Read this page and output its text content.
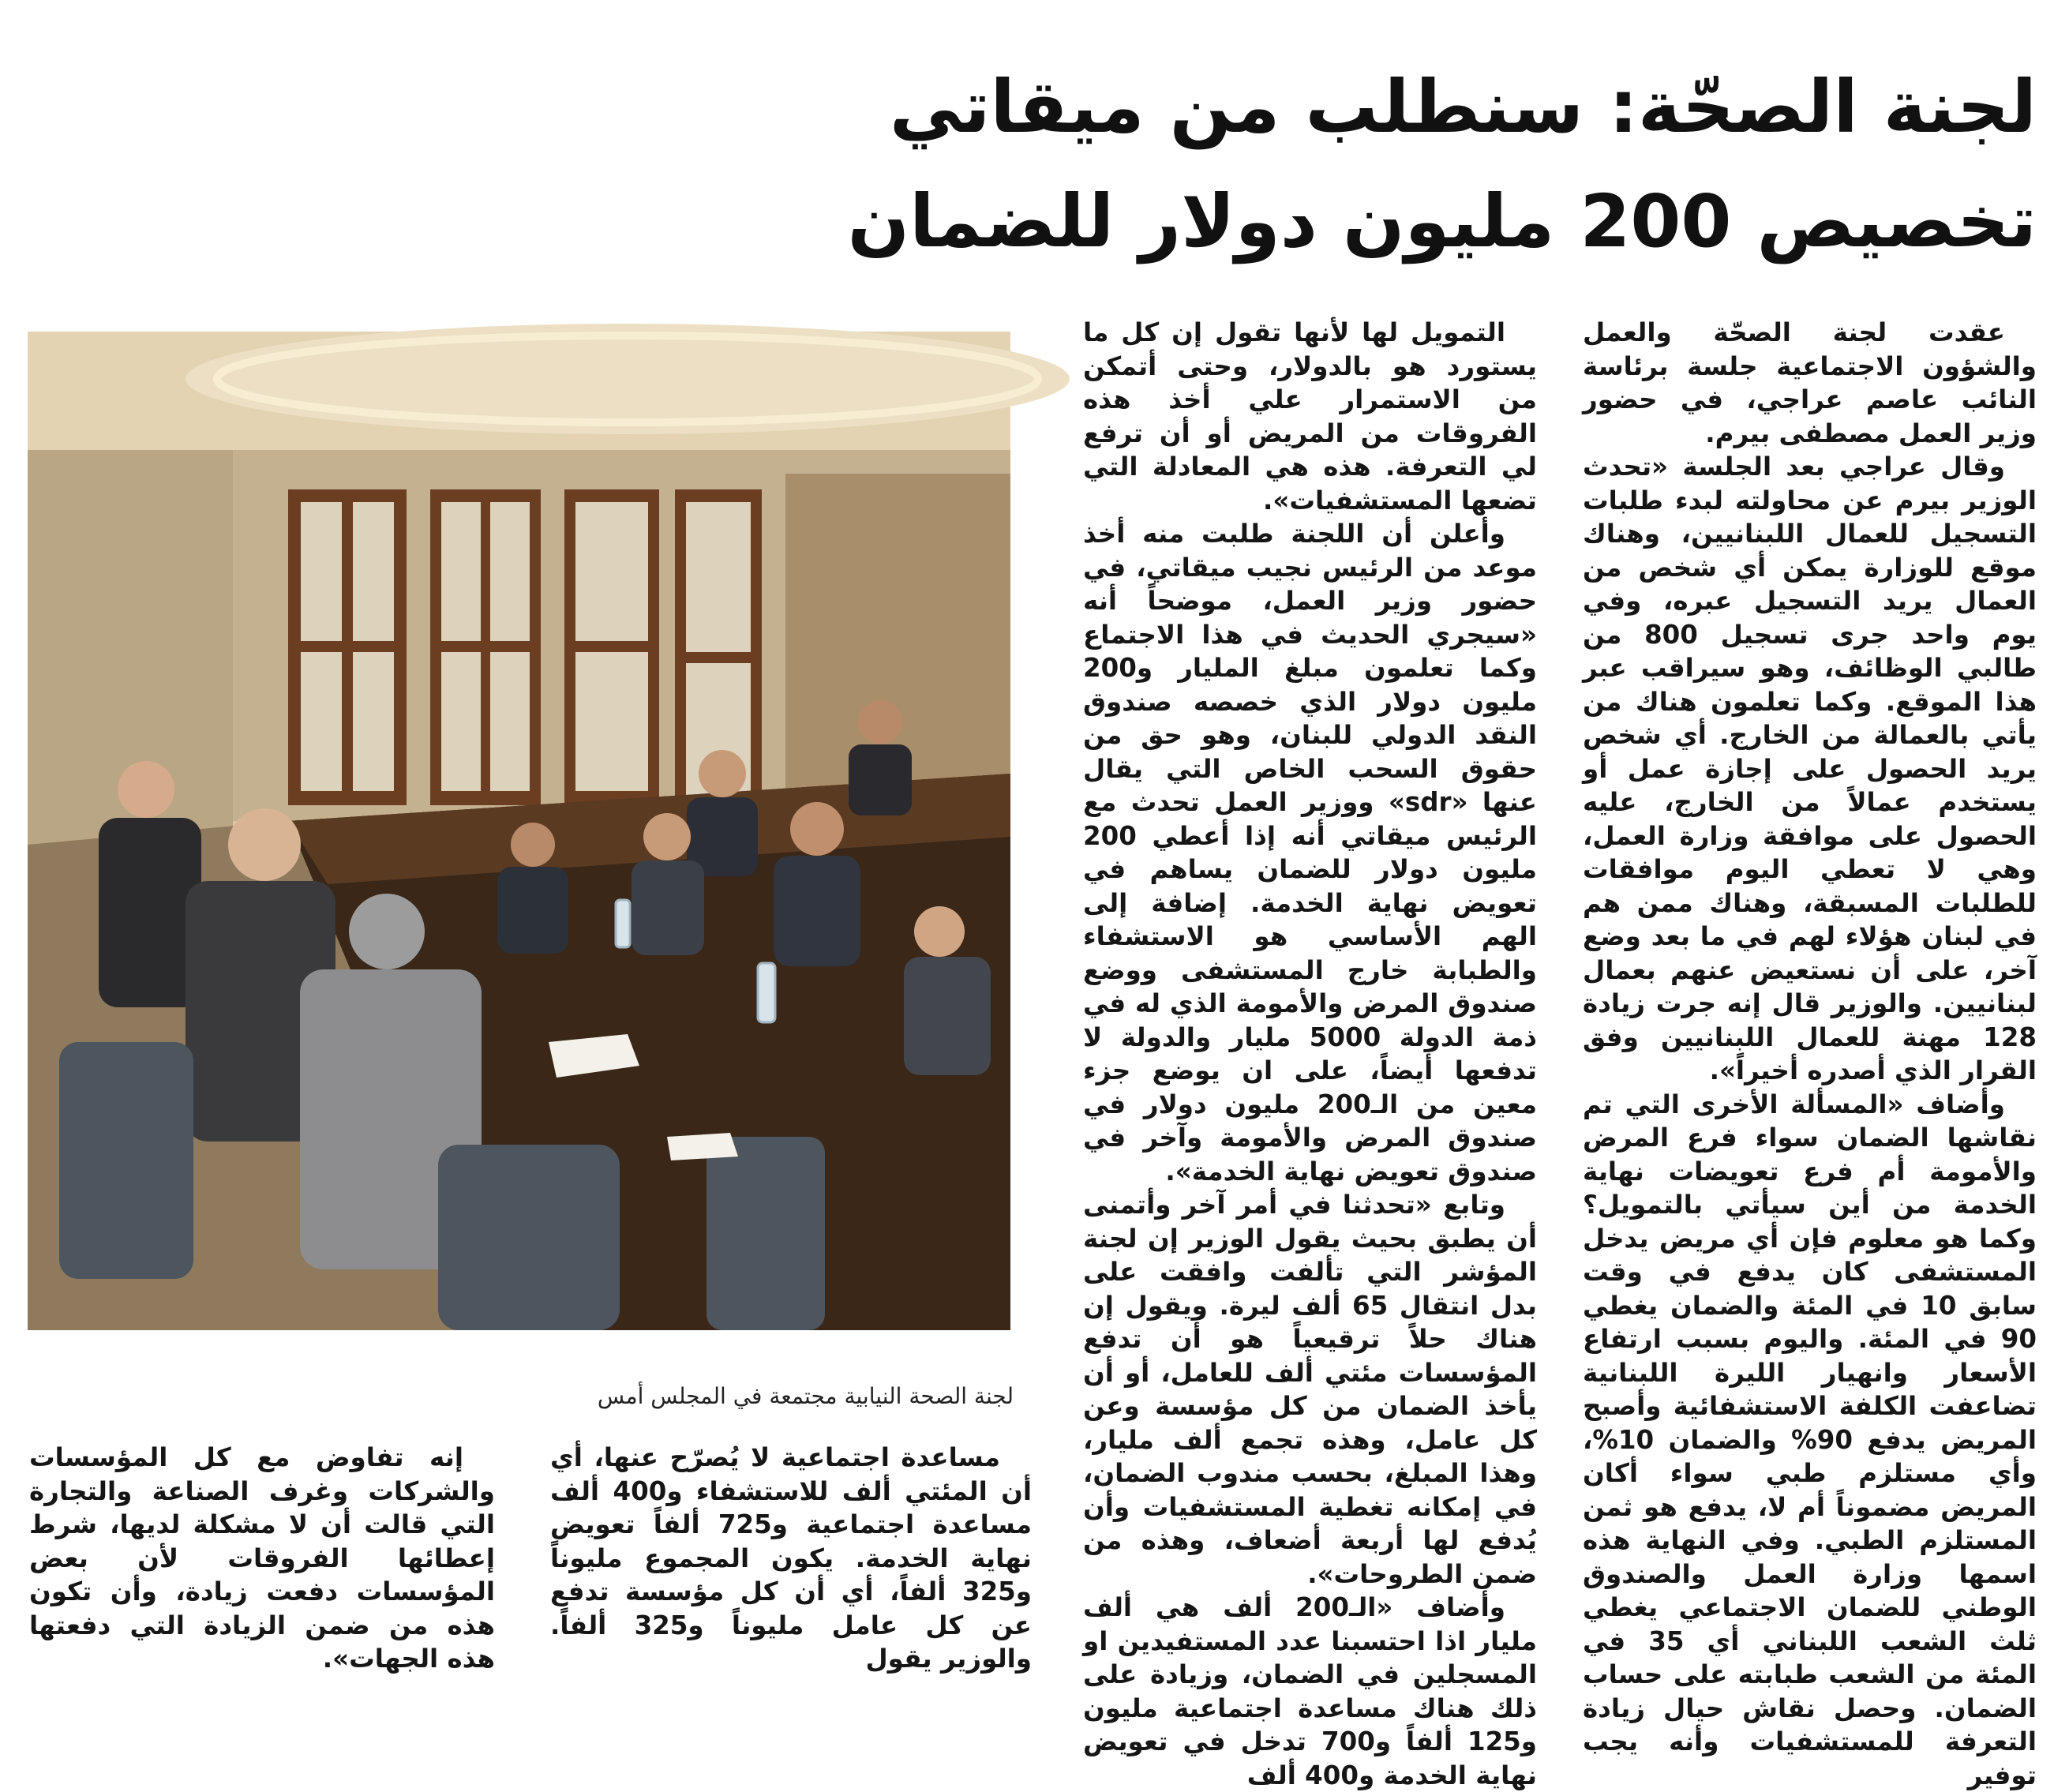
لجنة الصحّة: سنطلب من ميقاتي
تخصيص 200 مليون دولار للضمان

عقدت لجنة الصحّة والعمل والشؤون الاجتماعية جلسة برئاسة النائب عاصم عراجي، في حضور وزير العمل مصطفى بيرم.

وقال عراجي بعد الجلسة «تحدث الوزير بيرم عن محاولته لبدء طلبات التسجيل للعمال اللبنانيين، وهناك موقع للوزارة يمكن أي شخص من العمال يريد التسجيل عبره، وفي يوم واحد جرى تسجيل 800 من طالبي الوظائف، وهو سيراقب عبر هذا الموقع. وكما تعلمون هناك من يأتي بالعمالة من الخارج. أي شخص يريد الحصول على إجازة عمل أو يستخدم عمالاً من الخارج، عليه الحصول على موافقة وزارة العمل، وهي لا تعطي اليوم موافقات للطلبات المسبقة، وهناك ممن هم في لبنان هؤلاء لهم في ما بعد وضع آخر، على أن نستعيض عنهم بعمال لبنانيين. والوزير قال إنه جرت زيادة 128 مهنة للعمال اللبنانيين وفق القرار الذي أصدره أخيراً».

وأضاف «المسألة الأخرى التي تم نقاشها الضمان سواء فرع المرض والأمومة أم فرع تعويضات نهاية الخدمة من أين سيأتي بالتمويل؟ وكما هو معلوم فإن أي مريض يدخل المستشفى كان يدفع في وقت سابق 10 في المئة والضمان يغطي 90 في المئة. واليوم بسبب ارتفاع الأسعار وانهيار الليرة اللبنانية تضاعفت الكلفة الاستشفائية وأصبح المريض يدفع 90% والضمان 10%، وأي مستلزم طبي سواء أكان المريض مضموناً أم لا، يدفع هو ثمن المستلزم الطبي. وفي النهاية هذه اسمها وزارة العمل والصندوق الوطني للضمان الاجتماعي يغطي ثلث الشعب اللبناني أي 35 في المئة من الشعب طبابته على حساب الضمان. وحصل نقاش حيال زيادة التعرفة للمستشفيات وأنه يجب توفير

التمويل لها لأنها تقول إن كل ما يستورد هو بالدولار، وحتى أتمكن من الاستمرار علي أخذ هذه الفروقات من المريض أو أن ترفع لي التعرفة. هذه هي المعادلة التي تضعها المستشفيات».

وأعلن أن اللجنة طلبت منه أخذ موعد من الرئيس نجيب ميقاتي، في حضور وزير العمل، موضحاً أنه «سيجري الحديث في هذا الاجتماع وكما تعلمون مبلغ المليار و200 مليون دولار الذي خصصه صندوق النقد الدولي للبنان، وهو حق من حقوق السحب الخاص التي يقال عنها «sdr» ووزير العمل تحدث مع الرئيس ميقاتي أنه إذا أعطي 200 مليون دولار للضمان يساهم في تعويض نهاية الخدمة. إضافة إلى الهم الأساسي هو الاستشفاء والطبابة خارج المستشفى ووضع صندوق المرض والأمومة الذي له في ذمة الدولة 5000 مليار والدولة لا تدفعها أيضاً، على ان يوضع جزء معين من الـ200 مليون دولار في صندوق المرض والأمومة وآخر في صندوق تعويض نهاية الخدمة».

وتابع «تحدثنا في أمر آخر وأتمنى أن يطبق بحيث يقول الوزير إن لجنة المؤشر التي تألفت وافقت على بدل انتقال 65 ألف ليرة. ويقول إن هناك حلاً ترقيعياً هو أن تدفع المؤسسات مئتي ألف للعامل، أو أن يأخذ الضمان من كل مؤسسة وعن كل عامل، وهذه تجمع ألف مليار، وهذا المبلغ، بحسب مندوب الضمان، في إمكانه تغطية المستشفيات وأن يُدفع لها أربعة أضعاف، وهذه من ضمن الطروحات».

وأضاف «الـ200 ألف هي ألف مليار اذا احتسبنا عدد المستفيدين او المسجلين في الضمان، وزيادة على ذلك هناك مساعدة اجتماعية مليون و125 ألفاً و700 تدخل في تعويض نهاية الخدمة و400 ألف

لجنة الصحة النيابية مجتمعة في المجلس أمس

مساعدة اجتماعية لا يُصرّح عنها، أي أن المئتي ألف للاستشفاء و400 ألف مساعدة اجتماعية و725 ألفاً تعويض نهاية الخدمة. يكون المجموع مليوناً و325 ألفاً، أي أن كل مؤسسة تدفع عن كل عامل مليوناً و325 ألفاً. والوزير يقول

إنه تفاوض مع كل المؤسسات والشركات وغرف الصناعة والتجارة التي قالت أن لا مشكلة لديها، شرط إعطائها الفروقات لأن بعض المؤسسات دفعت زيادة، وأن تكون هذه من ضمن الزيادة التي دفعتها هذه الجهات».
